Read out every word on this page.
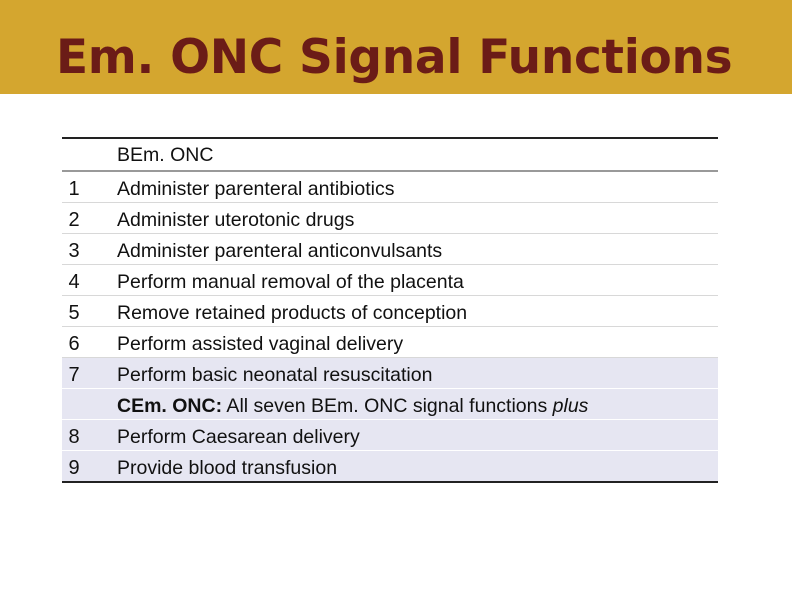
Em. ONC Signal Functions
BEm. ONC
1	Administer parenteral antibiotics
2	Administer uterotonic drugs
3	Administer parenteral anticonvulsants
4	Perform manual removal of the placenta
5	Remove retained products of conception
6	Perform assisted vaginal delivery
7	Perform basic neonatal resuscitation
CEm. ONC: All seven BEm. ONC signal functions plus
8	Perform Caesarean delivery
9	Provide blood transfusion
